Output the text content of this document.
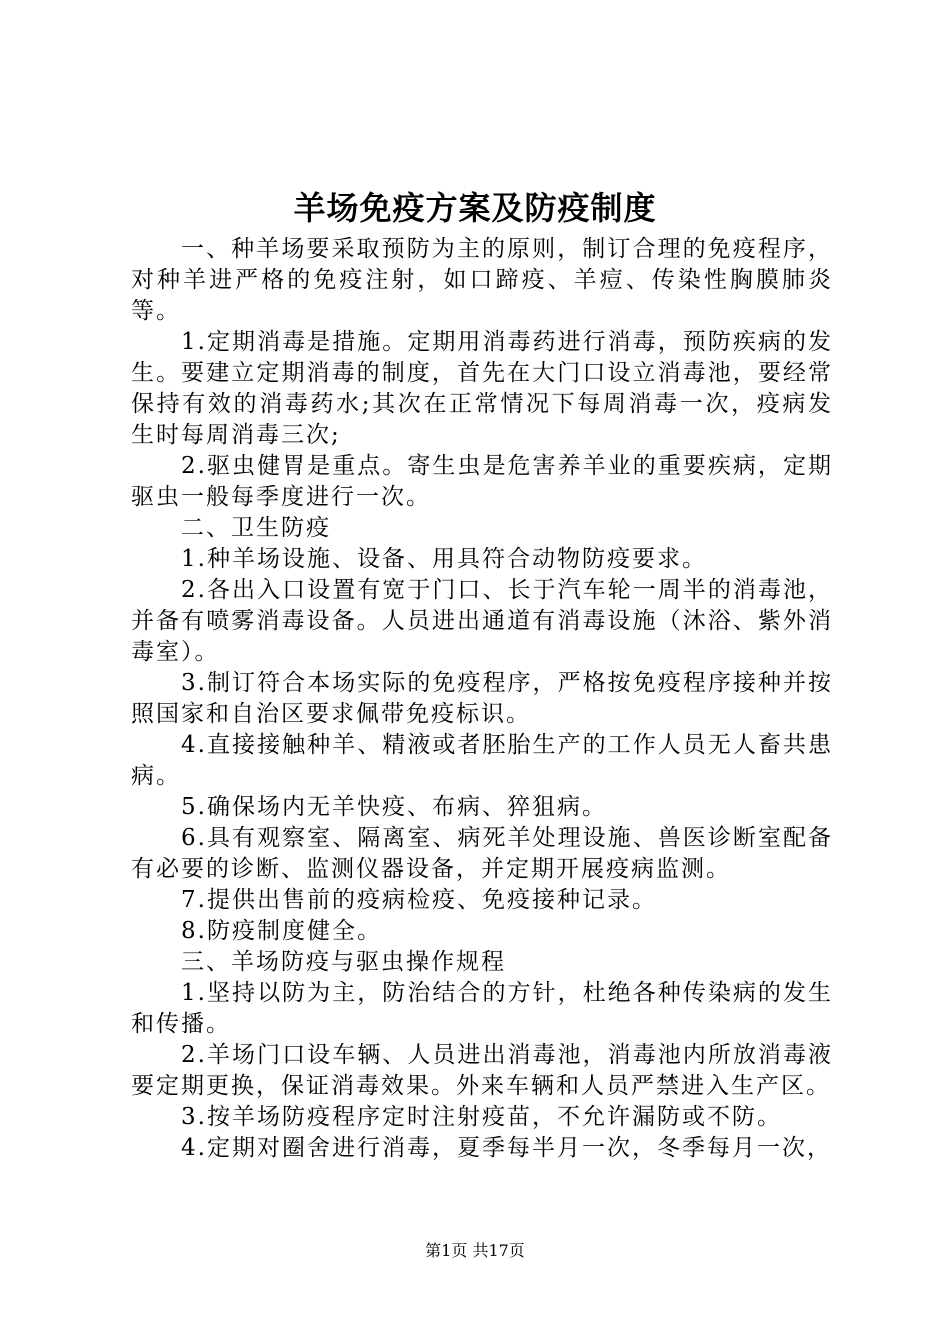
羊场免疫方案及防疫制度

一、种羊场要采取预防为主的原则，制订合理的免疫程序，对种羊进严格的免疫注射，如口蹄疫、羊痘、传染性胸膜肺炎等。

1.定期消毒是措施。定期用消毒药进行消毒，预防疾病的发生。要建立定期消毒的制度，首先在大门口设立消毒池，要经常保持有效的消毒药水;其次在正常情况下每周消毒一次，疫病发生时每周消毒三次;

2.驱虫健胃是重点。寄生虫是危害养羊业的重要疾病，定期驱虫一般每季度进行一次。

二、卫生防疫

1.种羊场设施、设备、用具符合动物防疫要求。

2.各出入口设置有宽于门口、长于汽车轮一周半的消毒池，并备有喷雾消毒设备。人员进出通道有消毒设施（沐浴、紫外消毒室）。

3.制订符合本场实际的免疫程序，严格按免疫程序接种并按照国家和自治区要求佩带免疫标识。

4.直接接触种羊、精液或者胚胎生产的工作人员无人畜共患病。

5.确保场内无羊快疫、布病、猝狙病。

6.具有观察室、隔离室、病死羊处理设施、兽医诊断室配备有必要的诊断、监测仪器设备，并定期开展疫病监测。

7.提供出售前的疫病检疫、免疫接种记录。

8.防疫制度健全。

三、羊场防疫与驱虫操作规程

1.坚持以防为主，防治结合的方针，杜绝各种传染病的发生和传播。

2.羊场门口设车辆、人员进出消毒池，消毒池内所放消毒液要定期更换，保证消毒效果。外来车辆和人员严禁进入生产区。

3.按羊场防疫程序定时注射疫苗，不允许漏防或不防。

4.定期对圈舍进行消毒，夏季每半月一次，冬季每月一次，

第1页 共17页
